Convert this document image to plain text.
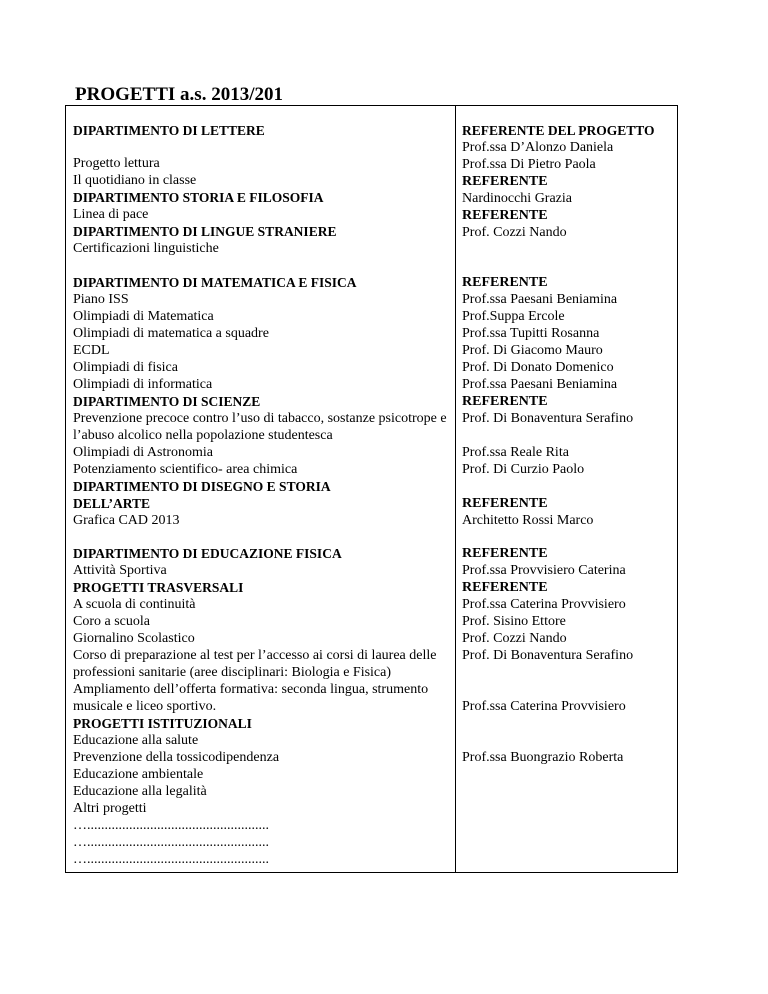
PROGETTI a.s. 2013/201
DIPARTIMENTO DI LETTERE
Progetto lettura
Il quotidiano in classe
DIPARTIMENTO STORIA E FILOSOFIA
Linea di pace
DIPARTIMENTO DI LINGUE STRANIERE
Certificazioni linguistiche
DIPARTIMENTO DI MATEMATICA E FISICA
Piano ISS
Olimpiadi di Matematica
Olimpiadi di matematica a squadre
ECDL
Olimpiadi di fisica
Olimpiadi di informatica
DIPARTIMENTO DI SCIENZE
Prevenzione precoce contro l’uso di tabacco, sostanze psicotrope e l’abuso alcolico nella popolazione studentesca
Olimpiadi di Astronomia
Potenziamento scientifico- area chimica
DIPARTIMENTO DI DISEGNO E STORIA DELL’ARTE
Grafica CAD 2013
DIPARTIMENTO DI EDUCAZIONE FISICA
Attività Sportiva
PROGETTI TRASVERSALI
A scuola di continuità
Coro a scuola
Giornalino Scolastico
Corso di preparazione al test per l’accesso ai corsi di laurea delle professioni sanitarie (aree disciplinari: Biologia e Fisica)
Ampliamento dell’offerta formativa: seconda lingua, strumento musicale e liceo sportivo.
PROGETTI ISTITUZIONALI
Educazione alla salute
Prevenzione della tossicodipendenza
Educazione ambientale
Educazione alla legalità
Altri progetti
…....................................................
…....................................................
…....................................................
REFERENTE DEL PROGETTO
Prof.ssa D’Alonzo Daniela
Prof.ssa Di Pietro Paola
REFERENTE
Nardinocchi Grazia
REFERENTE
Prof. Cozzi Nando
REFERENTE
Prof.ssa Paesani Beniamina
Prof.Suppa Ercole
Prof.ssa Tupitti Rosanna
Prof. Di Giacomo Mauro
Prof. Di Donato Domenico
Prof.ssa Paesani Beniamina
REFERENTE
Prof. Di Bonaventura Serafino

Prof.ssa Reale Rita
Prof. Di Curzio Paolo

REFERENTE
Architetto Rossi Marco
REFERENTE
Prof.ssa Provvisiero Caterina
REFERENTE
Prof.ssa Caterina Provvisiero
Prof. Sisino Ettore
Prof. Cozzi Nando
Prof. Di Bonaventura Serafino

Prof.ssa Caterina Provvisiero

Prof.ssa Buongrazio Roberta
